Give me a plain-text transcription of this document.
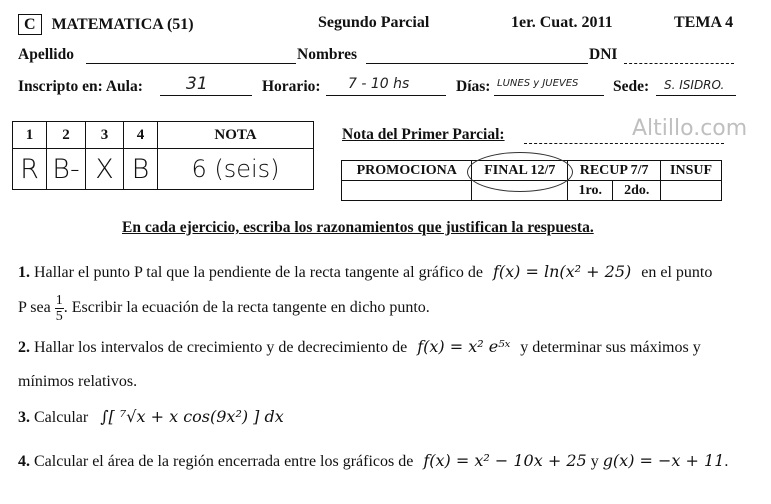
C MATEMATICA (51)	Segundo Parcial	1er. Cuat. 2011	TEMA 4
Apellido	Nombres	DNI
Inscripto en: Aula:	31	Horario: 7 - 10 hs	Días: LUNES y JUEVES Sede: S. ISIDRO.
1	2	3	4	NOTA
R	B-	X	B	6 (seis)
Nota del Primer Parcial:	Altillo.com
PROMOCIONA	FINAL 12/7	RECUP 7/7		INSUF
		1ro.	2do.	
En cada ejercicio, escriba los razonamientos que justifican la respuesta.
1. Hallar el punto P tal que la pendiente de la recta tangente al gráfico de f(x) = ln(x² + 25) en el punto
P sea $\frac{1}{5}$ . Escribir la ecuación de la recta tangente en dicho punto.
2. Hallar los intervalos de crecimiento y de decrecimiento de f(x) = x² e⁵ˣ y determinar sus máximos y
mínimos relativos.
3. Calcular ∫[ ⁷√x + x cos(9x²) ] dx
4. Calcular el área de la región encerrada entre los gráficos de f(x) = x² − 10x + 25 y g(x) = −x + 11.
